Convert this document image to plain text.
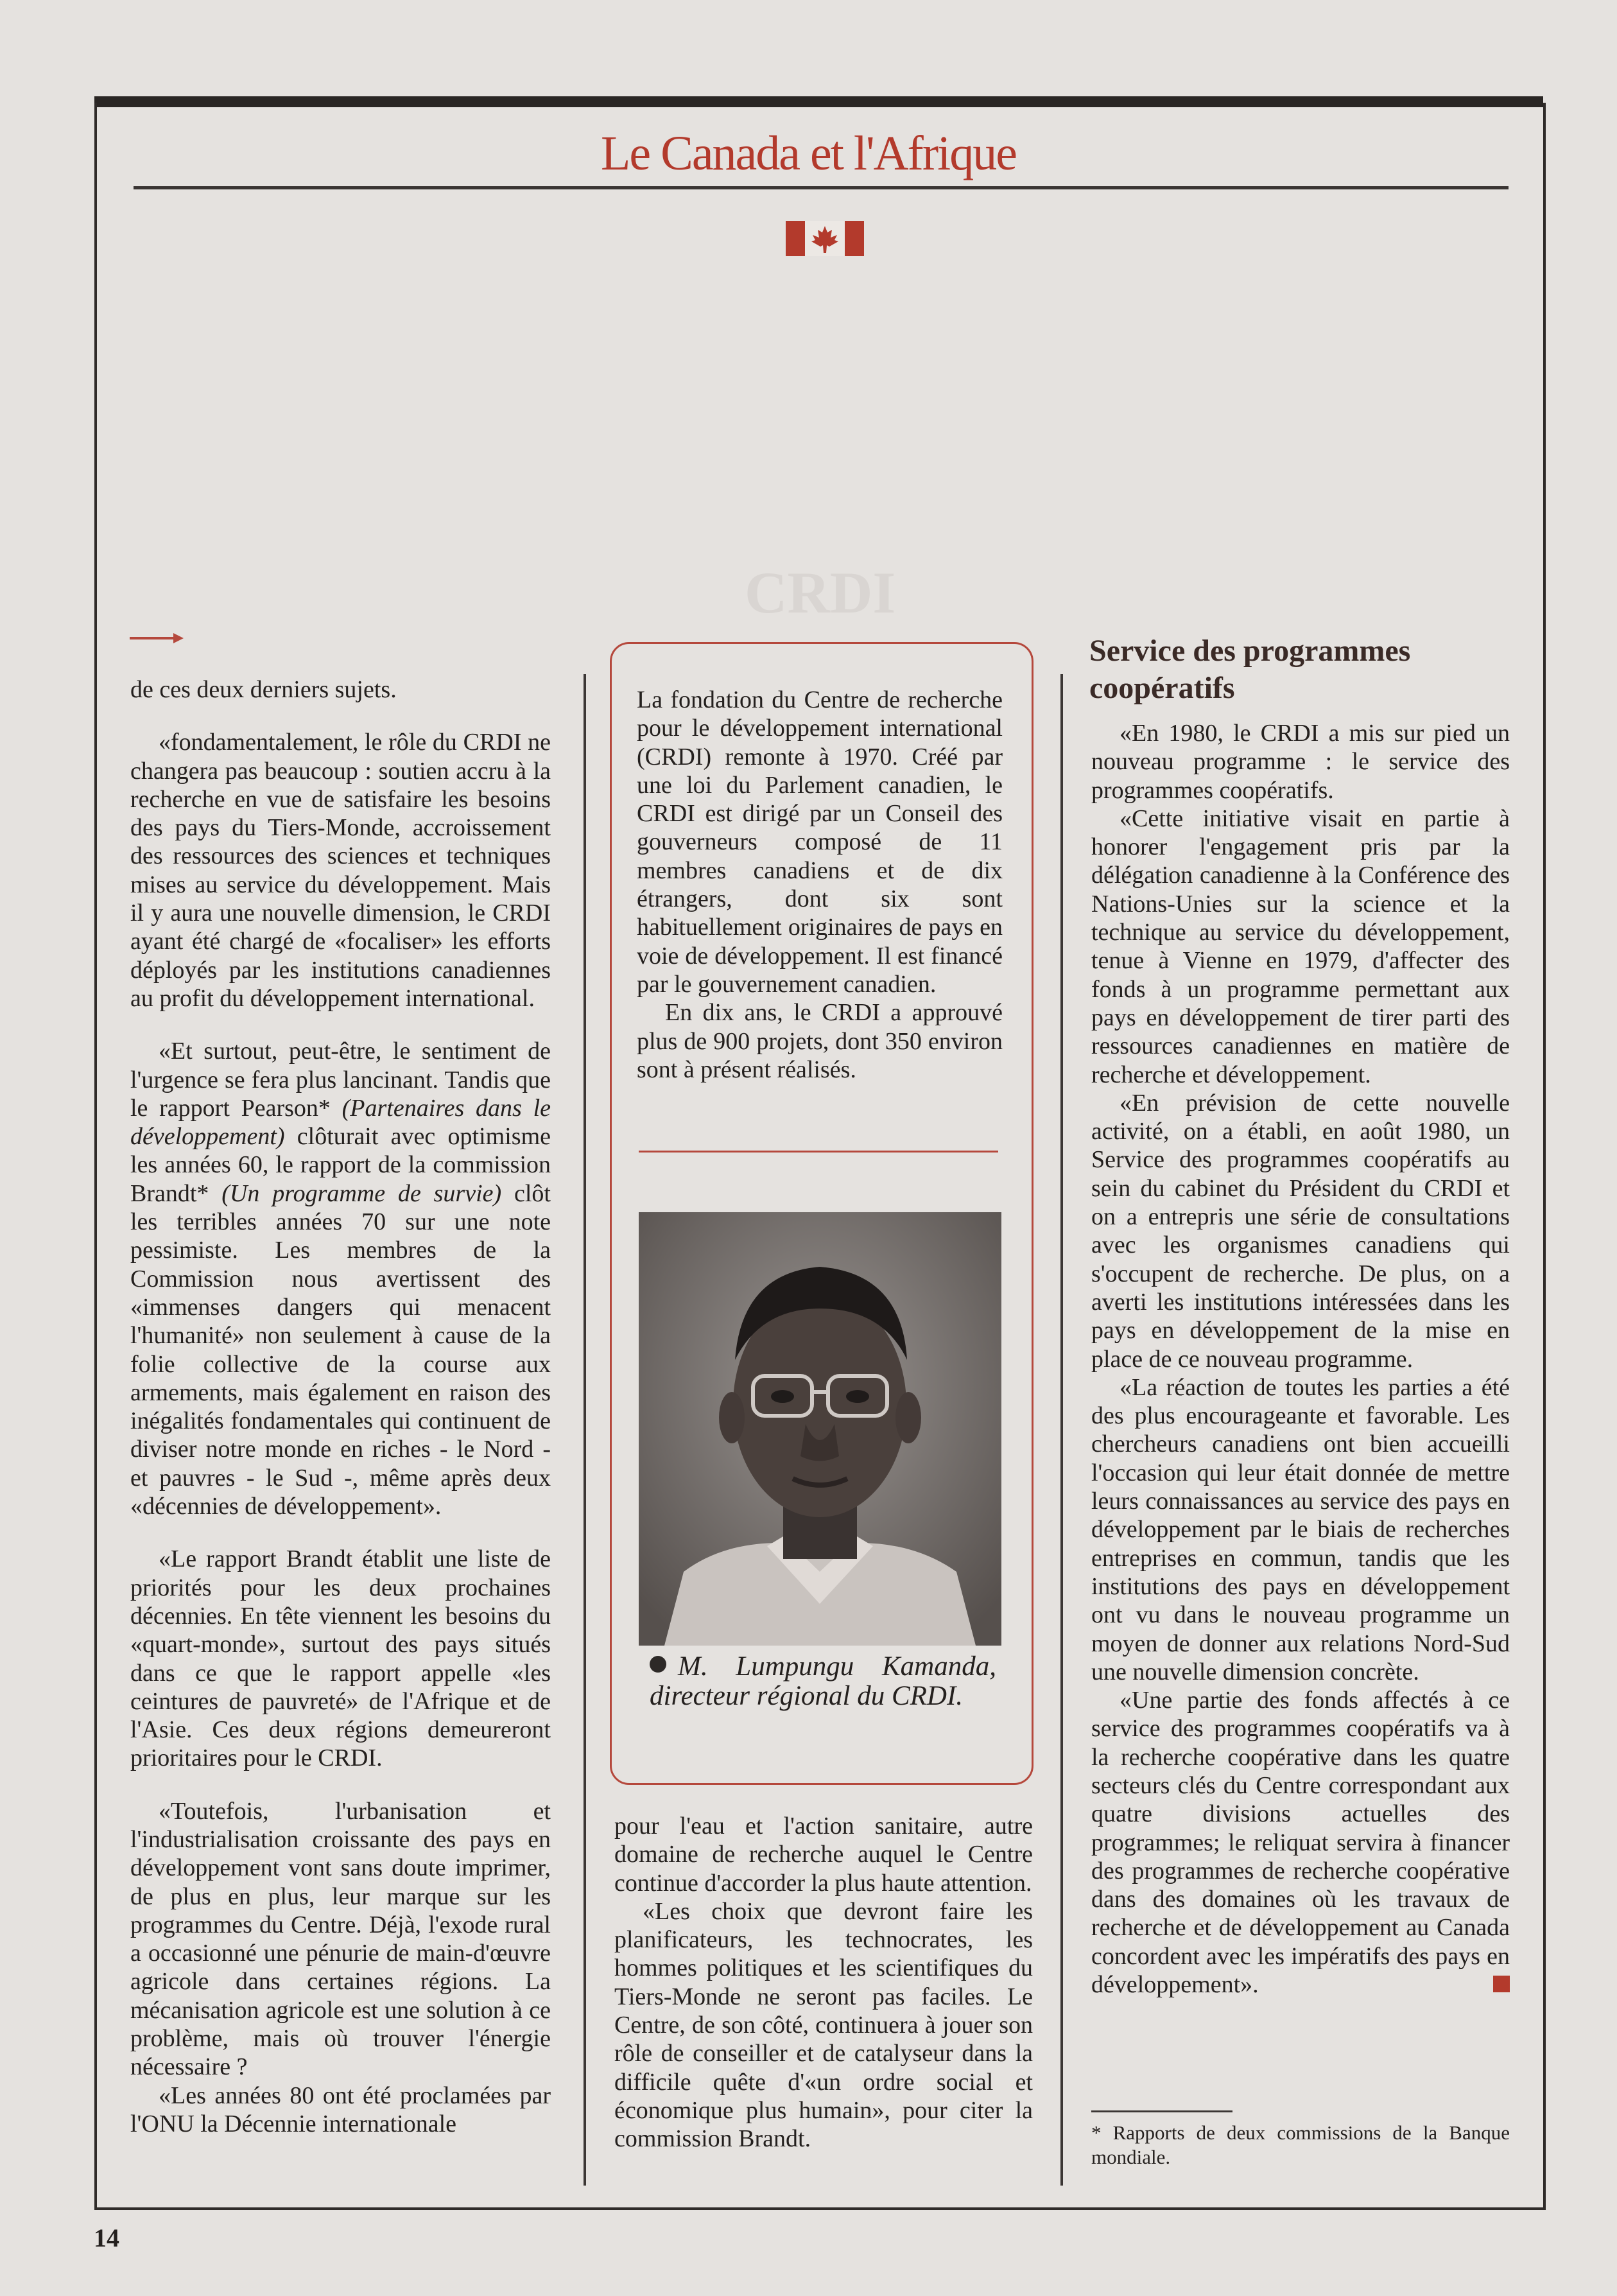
Le Canada et l'Afrique
CRDI

de ces deux derniers sujets.

«fondamentalement, le rôle du CRDI ne changera pas beaucoup : soutien accru à la recherche en vue de satisfaire les besoins des pays du Tiers-Monde, accroissement des ressources des sciences et techniques mises au service du développement. Mais il y aura une nouvelle dimension, le CRDI ayant été chargé de «focaliser» les efforts déployés par les institutions canadiennes au profit du développement international.

«Et surtout, peut-être, le sentiment de l'urgence se fera plus lancinant. Tandis que le rapport Pearson* (Partenaires dans le développement) clôturait avec optimisme les années 60, le rapport de la commission Brandt* (Un programme de survie) clôt les terribles années 70 sur une note pessimiste. Les membres de la Commission nous avertissent des «immenses dangers qui menacent l'humanité» non seulement à cause de la folie collective de la course aux armements, mais également en raison des inégalités fondamentales qui continuent de diviser notre monde en riches - le Nord - et pauvres - le Sud -, même après deux «décennies de développement».

«Le rapport Brandt établit une liste de priorités pour les deux prochaines décennies. En tête viennent les besoins du «quart-monde», surtout des pays situés dans ce que le rapport appelle «les ceintures de pauvreté» de l'Afrique et de l'Asie. Ces deux régions demeureront prioritaires pour le CRDI.

«Toutefois, l'urbanisation et l'industrialisation croissante des pays en développement vont sans doute imprimer, de plus en plus, leur marque sur les programmes du Centre. Déjà, l'exode rural a occasionné une pénurie de main-d'œuvre agricole dans certaines régions. La mécanisation agricole est une solution à ce problème, mais où trouver l'énergie nécessaire ?

«Les années 80 ont été proclamées par l'ONU la Décennie internationale

La fondation du Centre de recherche pour le développement international (CRDI) remonte à 1970. Créé par une loi du Parlement canadien, le CRDI est dirigé par un Conseil des gouverneurs composé de 11 membres canadiens et de dix étrangers, dont six sont habituellement originaires de pays en voie de développement. Il est financé par le gouvernement canadien.

En dix ans, le CRDI a approuvé plus de 900 projets, dont 350 environ sont à présent réalisés.

M. Lumpungu Kamanda, directeur régional du CRDI.

pour l'eau et l'action sanitaire, autre domaine de recherche auquel le Centre continue d'accorder la plus haute attention.

«Les choix que devront faire les planificateurs, les technocrates, les hommes politiques et les scientifiques du Tiers-Monde ne seront pas faciles. Le Centre, de son côté, continuera à jouer son rôle de conseiller et de catalyseur dans la difficile quête d'«un ordre social et économique plus humain», pour citer la commission Brandt.

Service des programmes coopératifs

«En 1980, le CRDI a mis sur pied un nouveau programme : le service des programmes coopératifs.

«Cette initiative visait en partie à honorer l'engagement pris par la délégation canadienne à la Conférence des Nations-Unies sur la science et la technique au service du développement, tenue à Vienne en 1979, d'affecter des fonds à un programme permettant aux pays en développement de tirer parti des ressources canadiennes en matière de recherche et développement.

«En prévision de cette nouvelle activité, on a établi, en août 1980, un Service des programmes coopératifs au sein du cabinet du Président du CRDI et on a entrepris une série de consultations avec les organismes canadiens qui s'occupent de recherche. De plus, on a averti les institutions intéressées dans les pays en développement de la mise en place de ce nouveau programme.

«La réaction de toutes les parties a été des plus encourageante et favorable. Les chercheurs canadiens ont bien accueilli l'occasion qui leur était donnée de mettre leurs connaissances au service des pays en développement par le biais de recherches entreprises en commun, tandis que les institutions des pays en développement ont vu dans le nouveau programme un moyen de donner aux relations Nord-Sud une nouvelle dimension concrète.

«Une partie des fonds affectés à ce service des programmes coopératifs va à la recherche coopérative dans les quatre secteurs clés du Centre correspondant aux quatre divisions actuelles des programmes; le reliquat servira à financer des programmes de recherche coopérative dans des domaines où les travaux de recherche et de développement au Canada concordent avec les impératifs des pays en développement».

* Rapports de deux commissions de la Banque mondiale.
14
